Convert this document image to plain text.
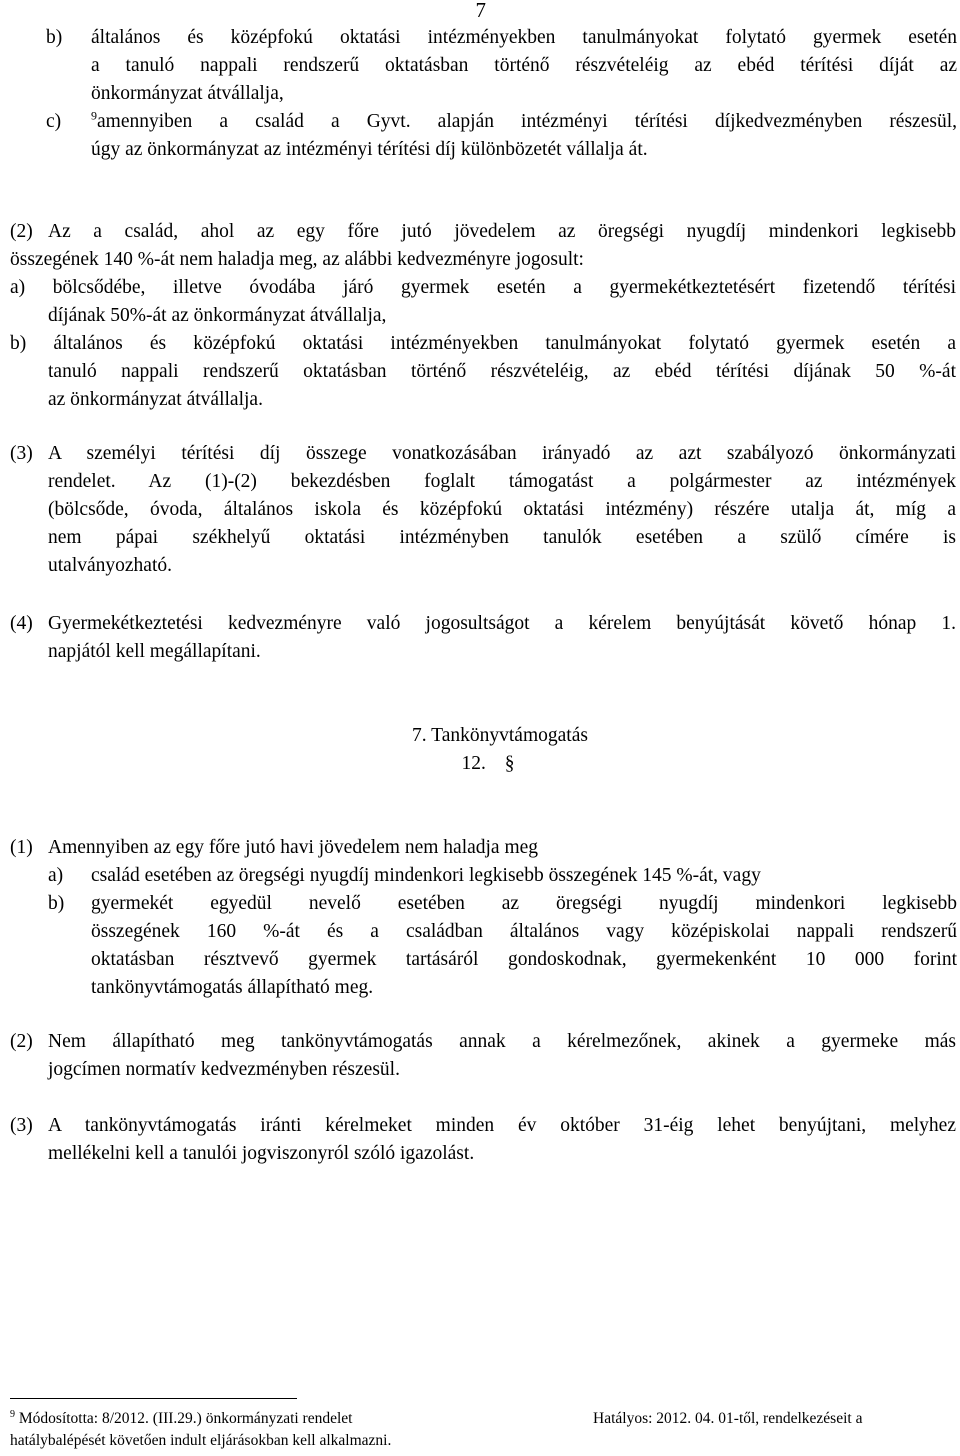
7
b) általános és középfokú oktatási intézményekben tanulmányokat folytató gyermek esetén
a tanuló nappali rendszerű oktatásban történő részvételéig az ebéd térítési díját az
önkormányzat átvállalja,
c) $^9$amennyiben a család a Gyvt. alapján intézményi térítési díjkedvezményben részesül,
úgy az önkormányzat az intézményi térítési díj különbözetét vállalja át.
(2) Az a család, ahol az egy főre jutó jövedelem az öregségi nyugdíj mindenkori legkisebb
összegének 140 %-át nem haladja meg, az alábbi kedvezményre jogosult:
a) bölcsődébe, illetve óvodába járó gyermek esetén a gyermekétkeztetésért fizetendő térítési
díjának 50%-át az önkormányzat átvállalja,
b) általános és középfokú oktatási intézményekben tanulmányokat folytató gyermek esetén a
tanuló nappali rendszerű oktatásban történő részvételéig, az ebéd térítési díjának 50 %-át
az önkormányzat átvállalja.
(3) A személyi térítési díj összege vonatkozásában irányadó az azt szabályozó önkormányzati
rendelet. Az (1)-(2) bekezdésben foglalt támogatást a polgármester az intézmények
(bölcsőde, óvoda, általános iskola és középfokú oktatási intézmény) részére utalja át, míg a
nem pápai székhelyű oktatási intézményben tanulók esetében a szülő címére is
utalványozható.
(4) Gyermekétkeztetési kedvezményre való jogosultságot a kérelem benyújtását követő hónap 1.
napjától kell megállapítani.
7. Tankönyvtámogatás
12. §
(1) Amennyiben az egy főre jutó havi jövedelem nem haladja meg
a) család esetében az öregségi nyugdíj mindenkori legkisebb összegének 145 %-át, vagy
b) gyermekét egyedül nevelő esetében az öregségi nyugdíj mindenkori legkisebb
összegének 160 %-át és a családban általános vagy középiskolai nappali rendszerű
oktatásban résztvevő gyermek tartásáról gondoskodnak, gyermekenként 10 000 forint
tankönyvtámogatás állapítható meg.
(2) Nem állapítható meg tankönyvtámogatás annak a kérelmezőnek, akinek a gyermeke más
jogcímen normatív kedvezményben részesül.
(3) A tankönyvtámogatás iránti kérelmeket minden év október 31-éig lehet benyújtani, melyhez
mellékelni kell a tanulói jogviszonyról szóló igazolást.
$^9$ Módosította: 8/2012. (III.29.) önkormányzati rendelet	Hatályos: 2012. 04. 01-től, rendelkezéseit a
hatálybalépését követően indult eljárásokban kell alkalmazni.
